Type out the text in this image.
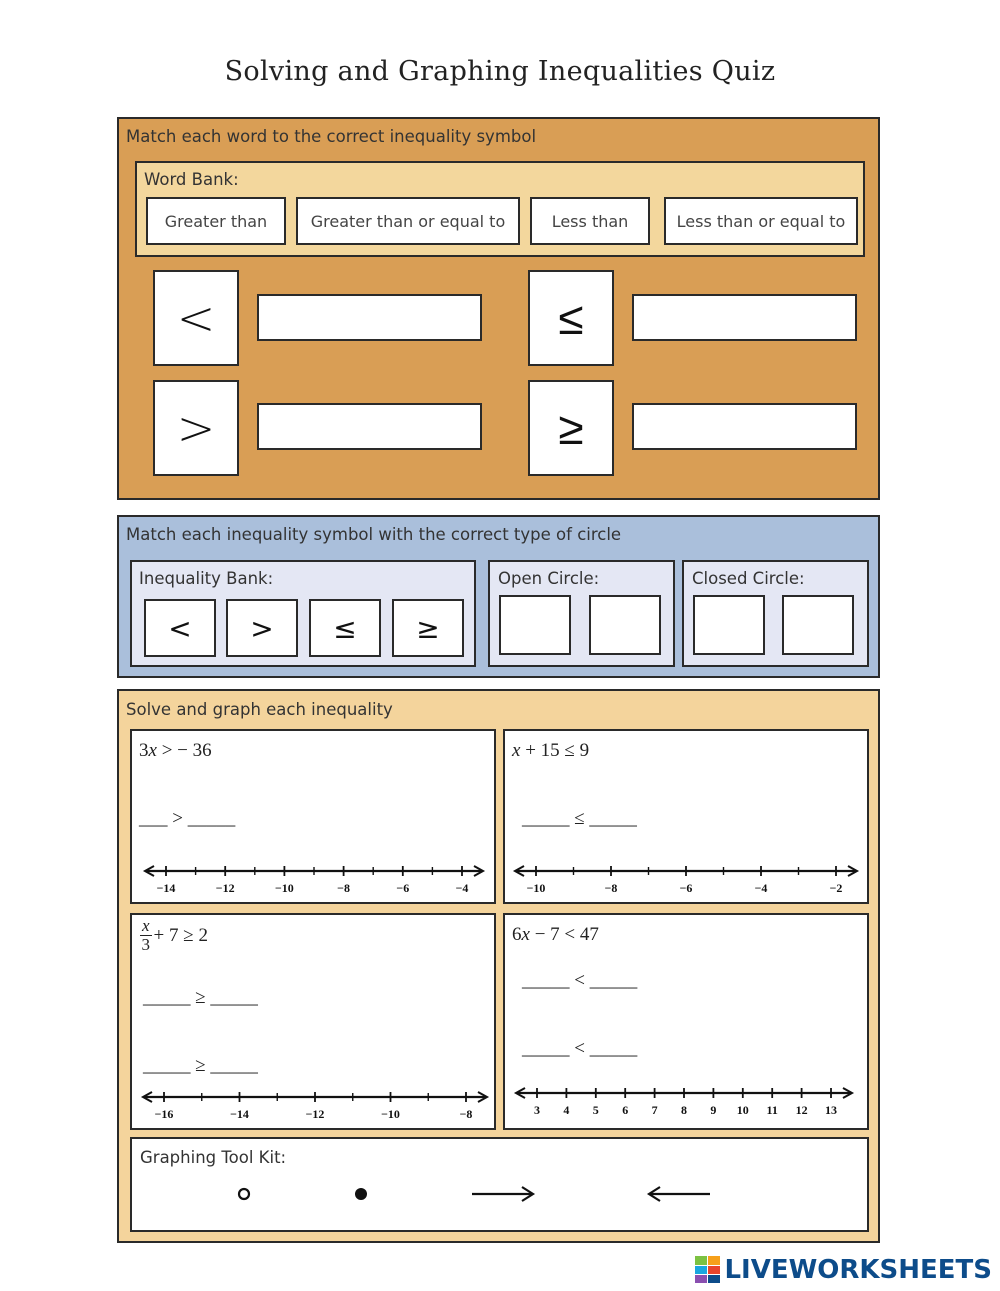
Solving and Graphing Inequalities Quiz
Match each word to the correct inequality symbol
Word Bank:
Greater than	Greater than or equal to	Less than	Less than or equal to
<	≤
>	≥
Match each inequality symbol with the correct type of circle
Inequality Bank:
<	>	≤	≥
Open Circle:	Closed Circle:
Solve and graph each inequality
3x > − 36
___ > _____
−14	−12	−10	−8	−6	−4
x + 15 ≤ 9
_____ ≤ _____
−10	−8	−6	−4	−2
$\frac{x}{3} + 7 \ge 2$
_____ ≥ _____
_____ ≥ _____
−16	−14	−12	−10	−8
6x − 7 < 47
_____ < _____
_____ < _____
3 4 5 6 7 8 9 10 11 12 13
Graphing Tool Kit:
LIVEWORKSHEETS
